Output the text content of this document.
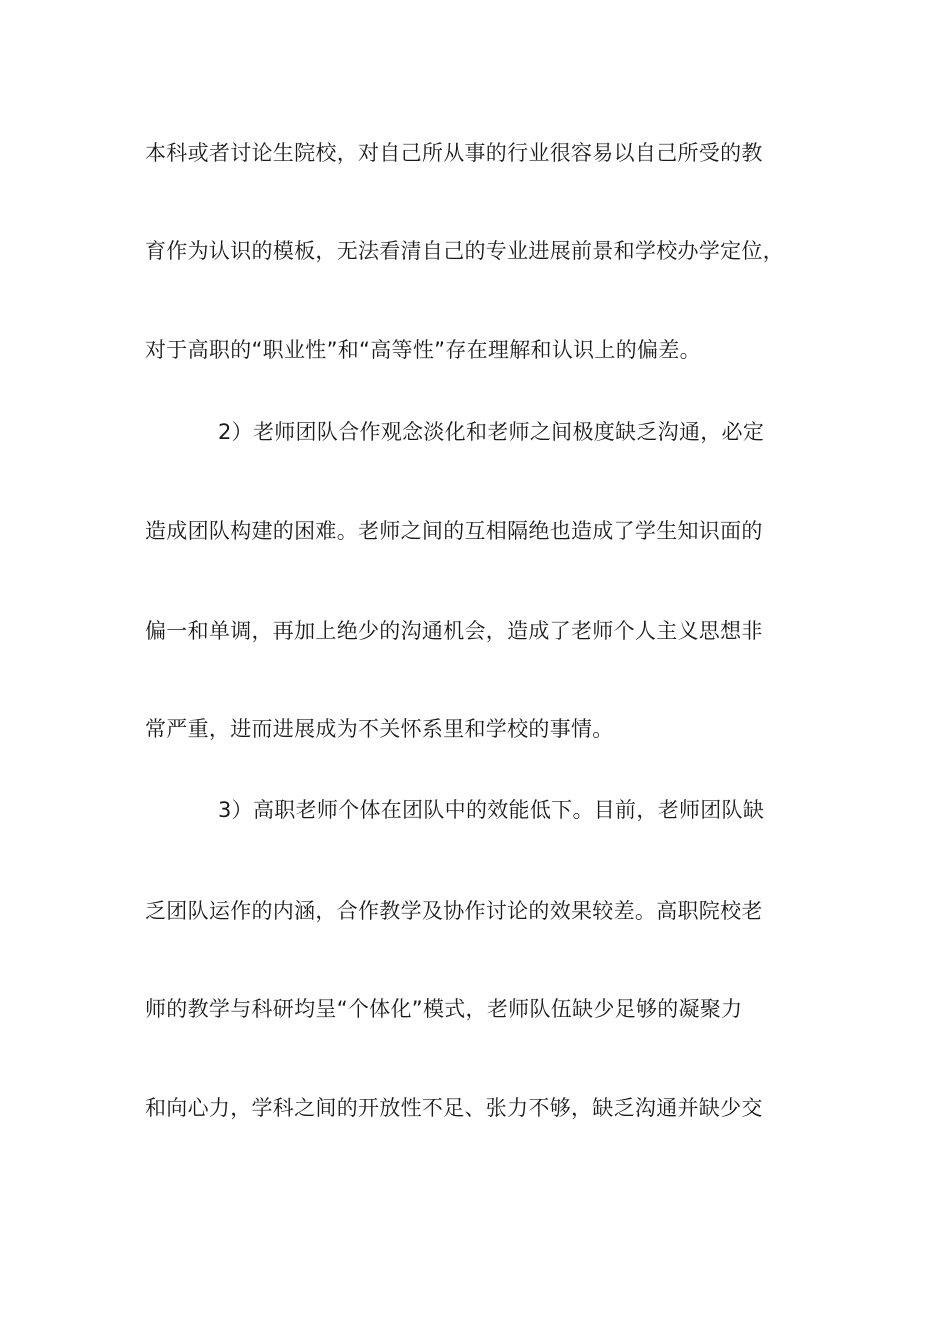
本科或者讨论生院校，对自己所从事的行业很容易以自己所受的教
育作为认识的模板，无法看清自己的专业进展前景和学校办学定位，
对于高职的“职业性”和“高等性”存在理解和认识上的偏差。
2）老师团队合作观念淡化和老师之间极度缺乏沟通，必定
造成团队构建的困难。老师之间的互相隔绝也造成了学生知识面的
偏一和单调，再加上绝少的沟通机会，造成了老师个人主义思想非
常严重，进而进展成为不关怀系里和学校的事情。
3）高职老师个体在团队中的效能低下。目前，老师团队缺
乏团队运作的内涵，合作教学及协作讨论的效果较差。高职院校老
师的教学与科研均呈“个体化”模式，老师队伍缺少足够的凝聚力
和向心力，学科之间的开放性不足、张力不够，缺乏沟通并缺少交
